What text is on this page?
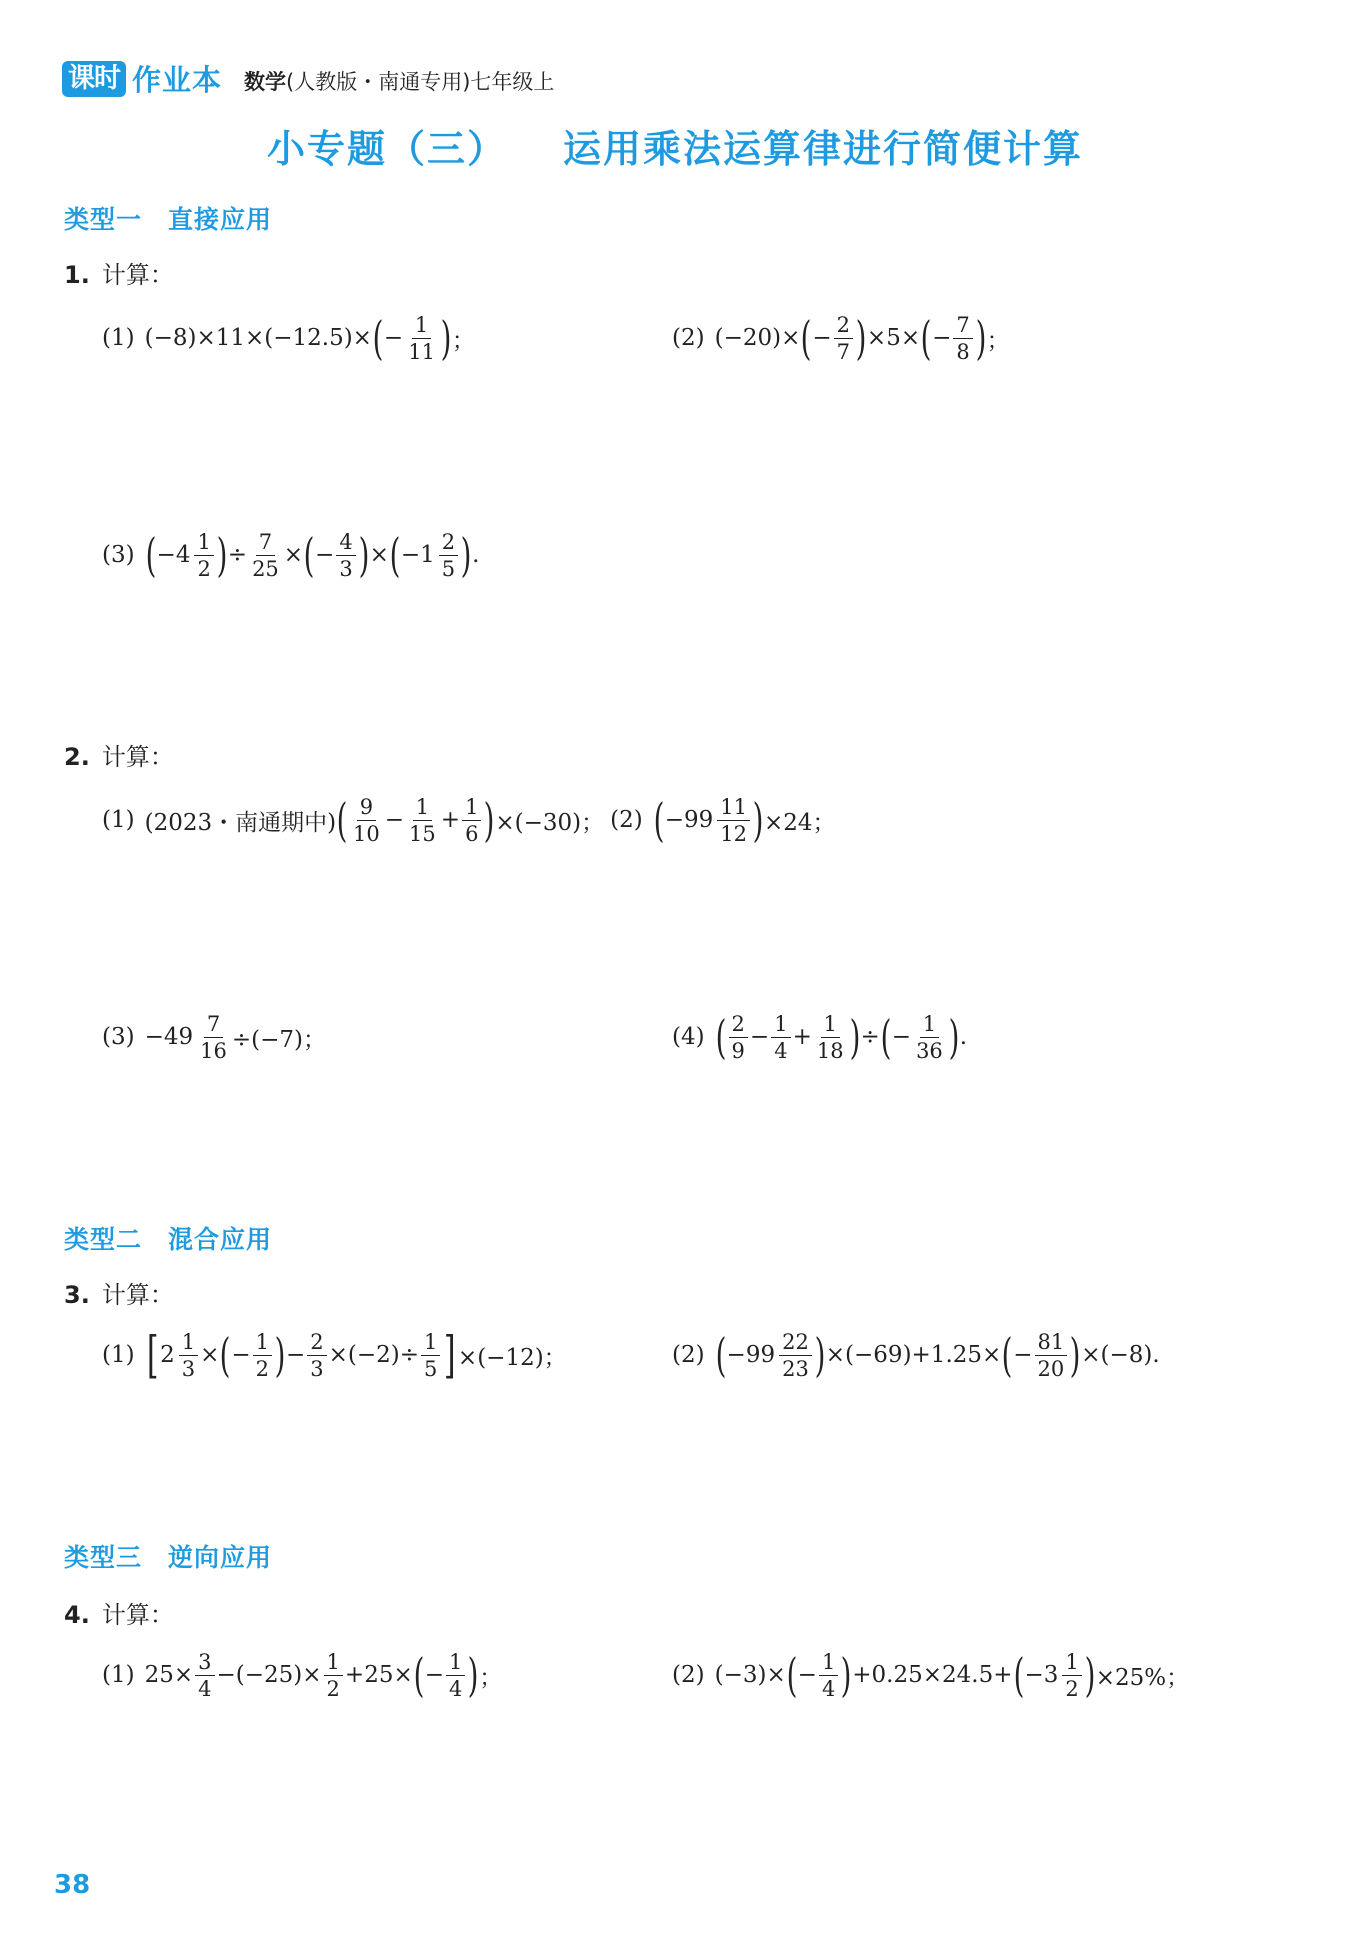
课时 作业本 数学(人教版・南通专用)七年级上
小专题（三） 运用乘法运算律进行简便计算
类型一 直接应用
1. 计算：
(1) (−8)×11×(−12.5)× ( − $\frac{1}{11}$ ) ；	(2) (−20)× ( − $\frac{2}{7}$ ) ×5× ( − $\frac{7}{8}$ ) ；
(3) ( $-4 \frac{1}{2}$ ) ÷ $\frac{7}{25}$ × ( − $\frac{4}{3}$ ) × ( $-1 \frac{2}{5}$ ) .
2. 计算：
(1) (2023・南通期中) ( $\frac{9}{10} - \frac{1}{15} + \frac{1}{6}$ ) ×(−30)； (2) ( $-99 \frac{11}{12}$ ) ×24；
$(3) -49 \frac{7}{16} \div(-7)$；	(4) ( $\frac{2}{9} - \frac{1}{4} + \frac{1}{18}$ ) ÷ ( − $\frac{1}{36}$ ) .
类型二 混合应用
3. 计算：
(1) [ $2 \frac{1}{3}$ × ( − $\frac{1}{2}$ ) − $\frac{2}{3} \times(-2)\div \frac{1}{5}$ ] ×(−12)；	(2) ( $-99 \frac{22}{23}$ ) ×(−69)+1.25× ( − $\frac{81}{20}$ ) ×(−8).
类型三 逆向应用
4. 计算：
(1) $25\times \frac{3}{4} -(-25)\times \frac{1}{2} +25\times$ ( − $\frac{1}{4}$ ) ；	(2) (−3)× ( − $\frac{1}{4}$ ) +0.25×24.5+ ( $-3 \frac{1}{2}$ ) ×25%；
38
